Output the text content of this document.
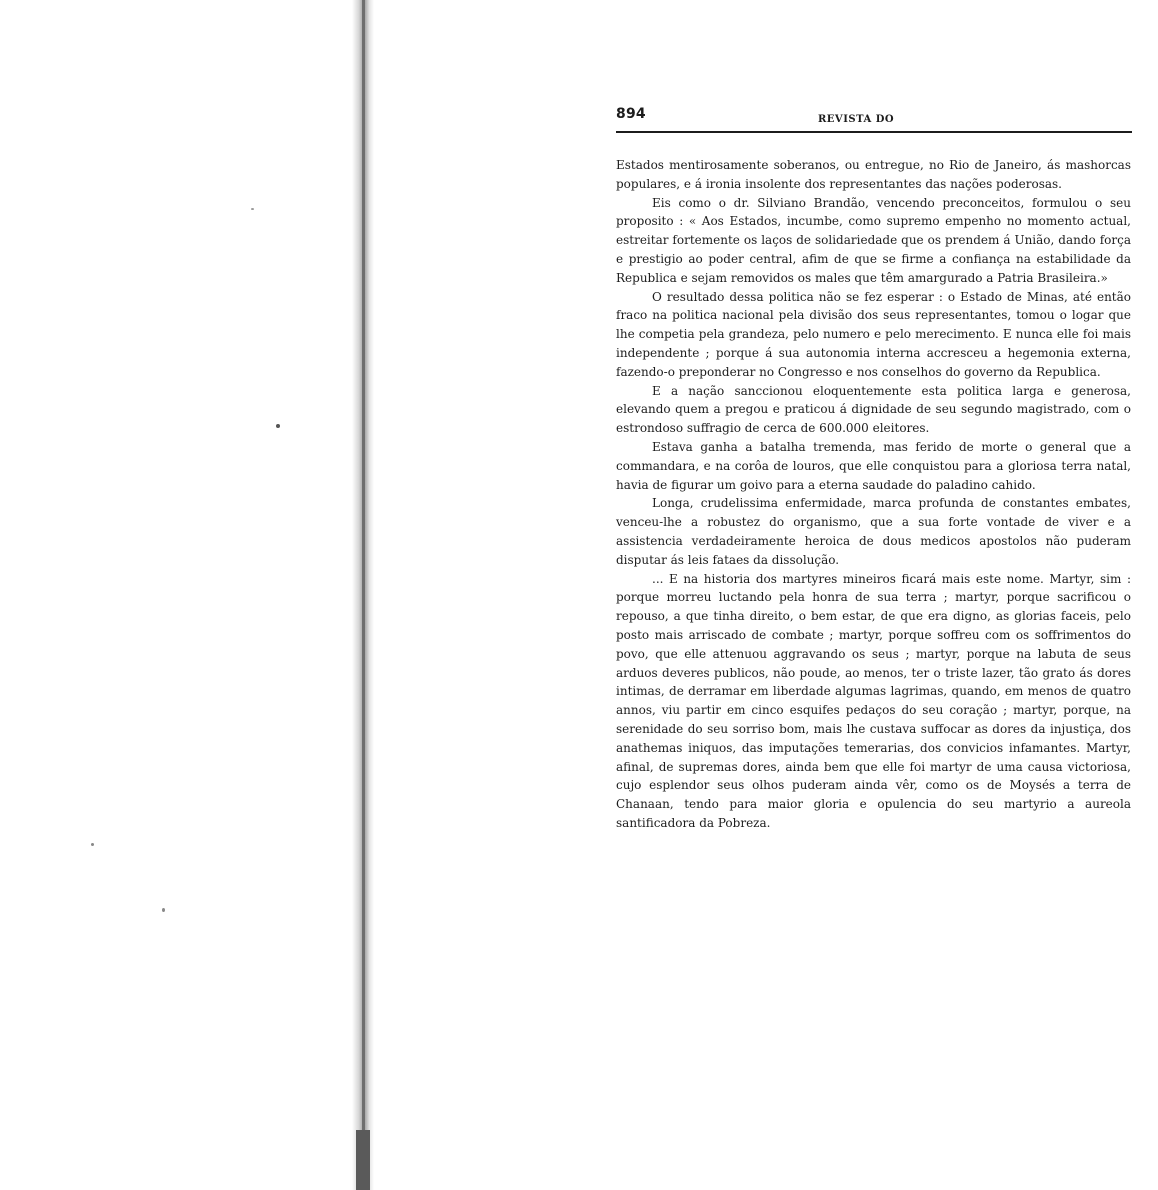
894	REVISTA DO

Estados mentirosamente soberanos, ou entregue, no Rio de Janeiro, ás mashorcas populares, e á ironia insolente dos representantes das nações poderosas.

Eis como o dr. Silviano Brandão, vencendo preconceitos, formulou o seu proposito : « Aos Estados, incumbe, como supremo empenho no momento actual, estreitar fortemente os laços de solidariedade que os prendem á União, dando força e prestigio ao poder central, afim de que se firme a confiança na estabilidade da Republica e sejam removidos os males que têm amargurado a Patria Brasileira.»

O resultado dessa politica não se fez esperar : o Estado de Minas, até então fraco na politica nacional pela divisão dos seus representantes, tomou o logar que lhe competia pela grandeza, pelo numero e pelo merecimento. E nunca elle foi mais independente ; porque á sua autonomia interna accresceu a hegemonia externa, fazendo-o preponderar no Congresso e nos conselhos do governo da Republica.

E a nação sanccionou eloquentemente esta politica larga e generosa, elevando quem a pregou e praticou á dignidade de seu segundo magistrado, com o estrondoso suffragio de cerca de 600.000 eleitores.

Estava ganha a batalha tremenda, mas ferido de morte o general que a commandara, e na corôa de louros, que elle conquistou para a gloriosa terra natal, havia de figurar um goivo para a eterna saudade do paladino cahido.

Longa, crudelissima enfermidade, marca profunda de constantes embates, venceu-lhe a robustez do organismo, que a sua forte vontade de viver e a assistencia verdadeiramente heroica de dous medicos apostolos não puderam disputar ás leis fataes da dissolução.

... E na historia dos martyres mineiros ficará mais este nome. Martyr, sim : porque morreu luctando pela honra de sua terra ; martyr, porque sacrificou o repouso, a que tinha direito, o bem estar, de que era digno, as glorias faceis, pelo posto mais arriscado de combate ; martyr, porque soffreu com os soffrimentos do povo, que elle attenuou aggravando os seus ; martyr, porque na labuta de seus arduos deveres publicos, não poude, ao menos, ter o triste lazer, tão grato ás dores intimas, de derramar em liberdade algumas lagrimas, quando, em menos de quatro annos, viu partir em cinco esquifes pedaços do seu coração ; martyr, porque, na serenidade do seu sorriso bom, mais lhe custava suffocar as dores da injustiça, dos anathemas iniquos, das imputações temerarias, dos convicios infamantes. Martyr, afinal, de supremas dores, ainda bem que elle foi martyr de uma causa victoriosa, cujo esplendor seus olhos puderam ainda vêr, como os de Moysés a terra de Chanaan, tendo para maior gloria e opulencia do seu martyrio a aureola santificadora da Pobreza.
